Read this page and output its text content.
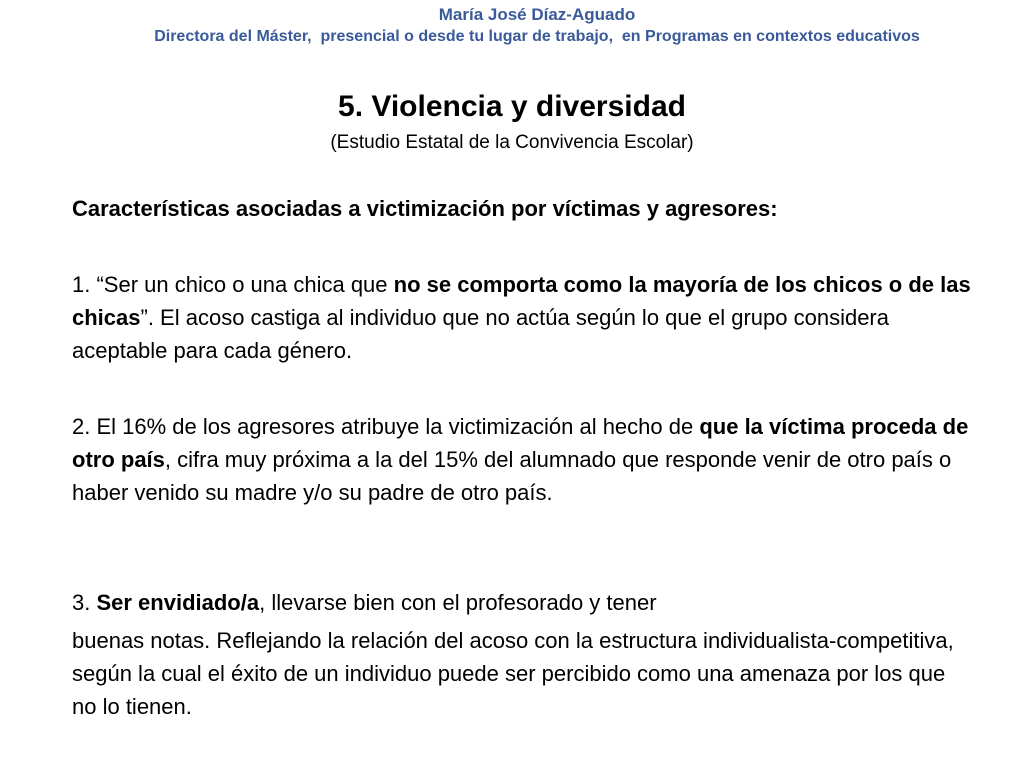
María José Díaz-Aguado
Directora del Máster,  presencial o desde tu lugar de trabajo,  en Programas en contextos educativos
5. Violencia y diversidad
(Estudio Estatal de la Convivencia Escolar)
Características asociadas a victimización por víctimas y agresores:
1. “Ser un chico o una chica que no se comporta como la mayoría de los chicos o de las chicas”. El acoso castiga al individuo que no actúa según lo que el grupo considera aceptable para cada género.
2. El 16% de los agresores atribuye la victimización al hecho de que la víctima proceda de otro país, cifra muy próxima a la del 15% del alumnado que responde venir de otro país o haber venido su madre y/o su padre de otro país.
3. Ser envidiado/a, llevarse bien con el profesorado y tener
buenas notas. Reflejando la relación del acoso con la estructura individualista-competitiva, según la cual el éxito de un individuo puede ser percibido como una amenaza por los que no lo tienen.
